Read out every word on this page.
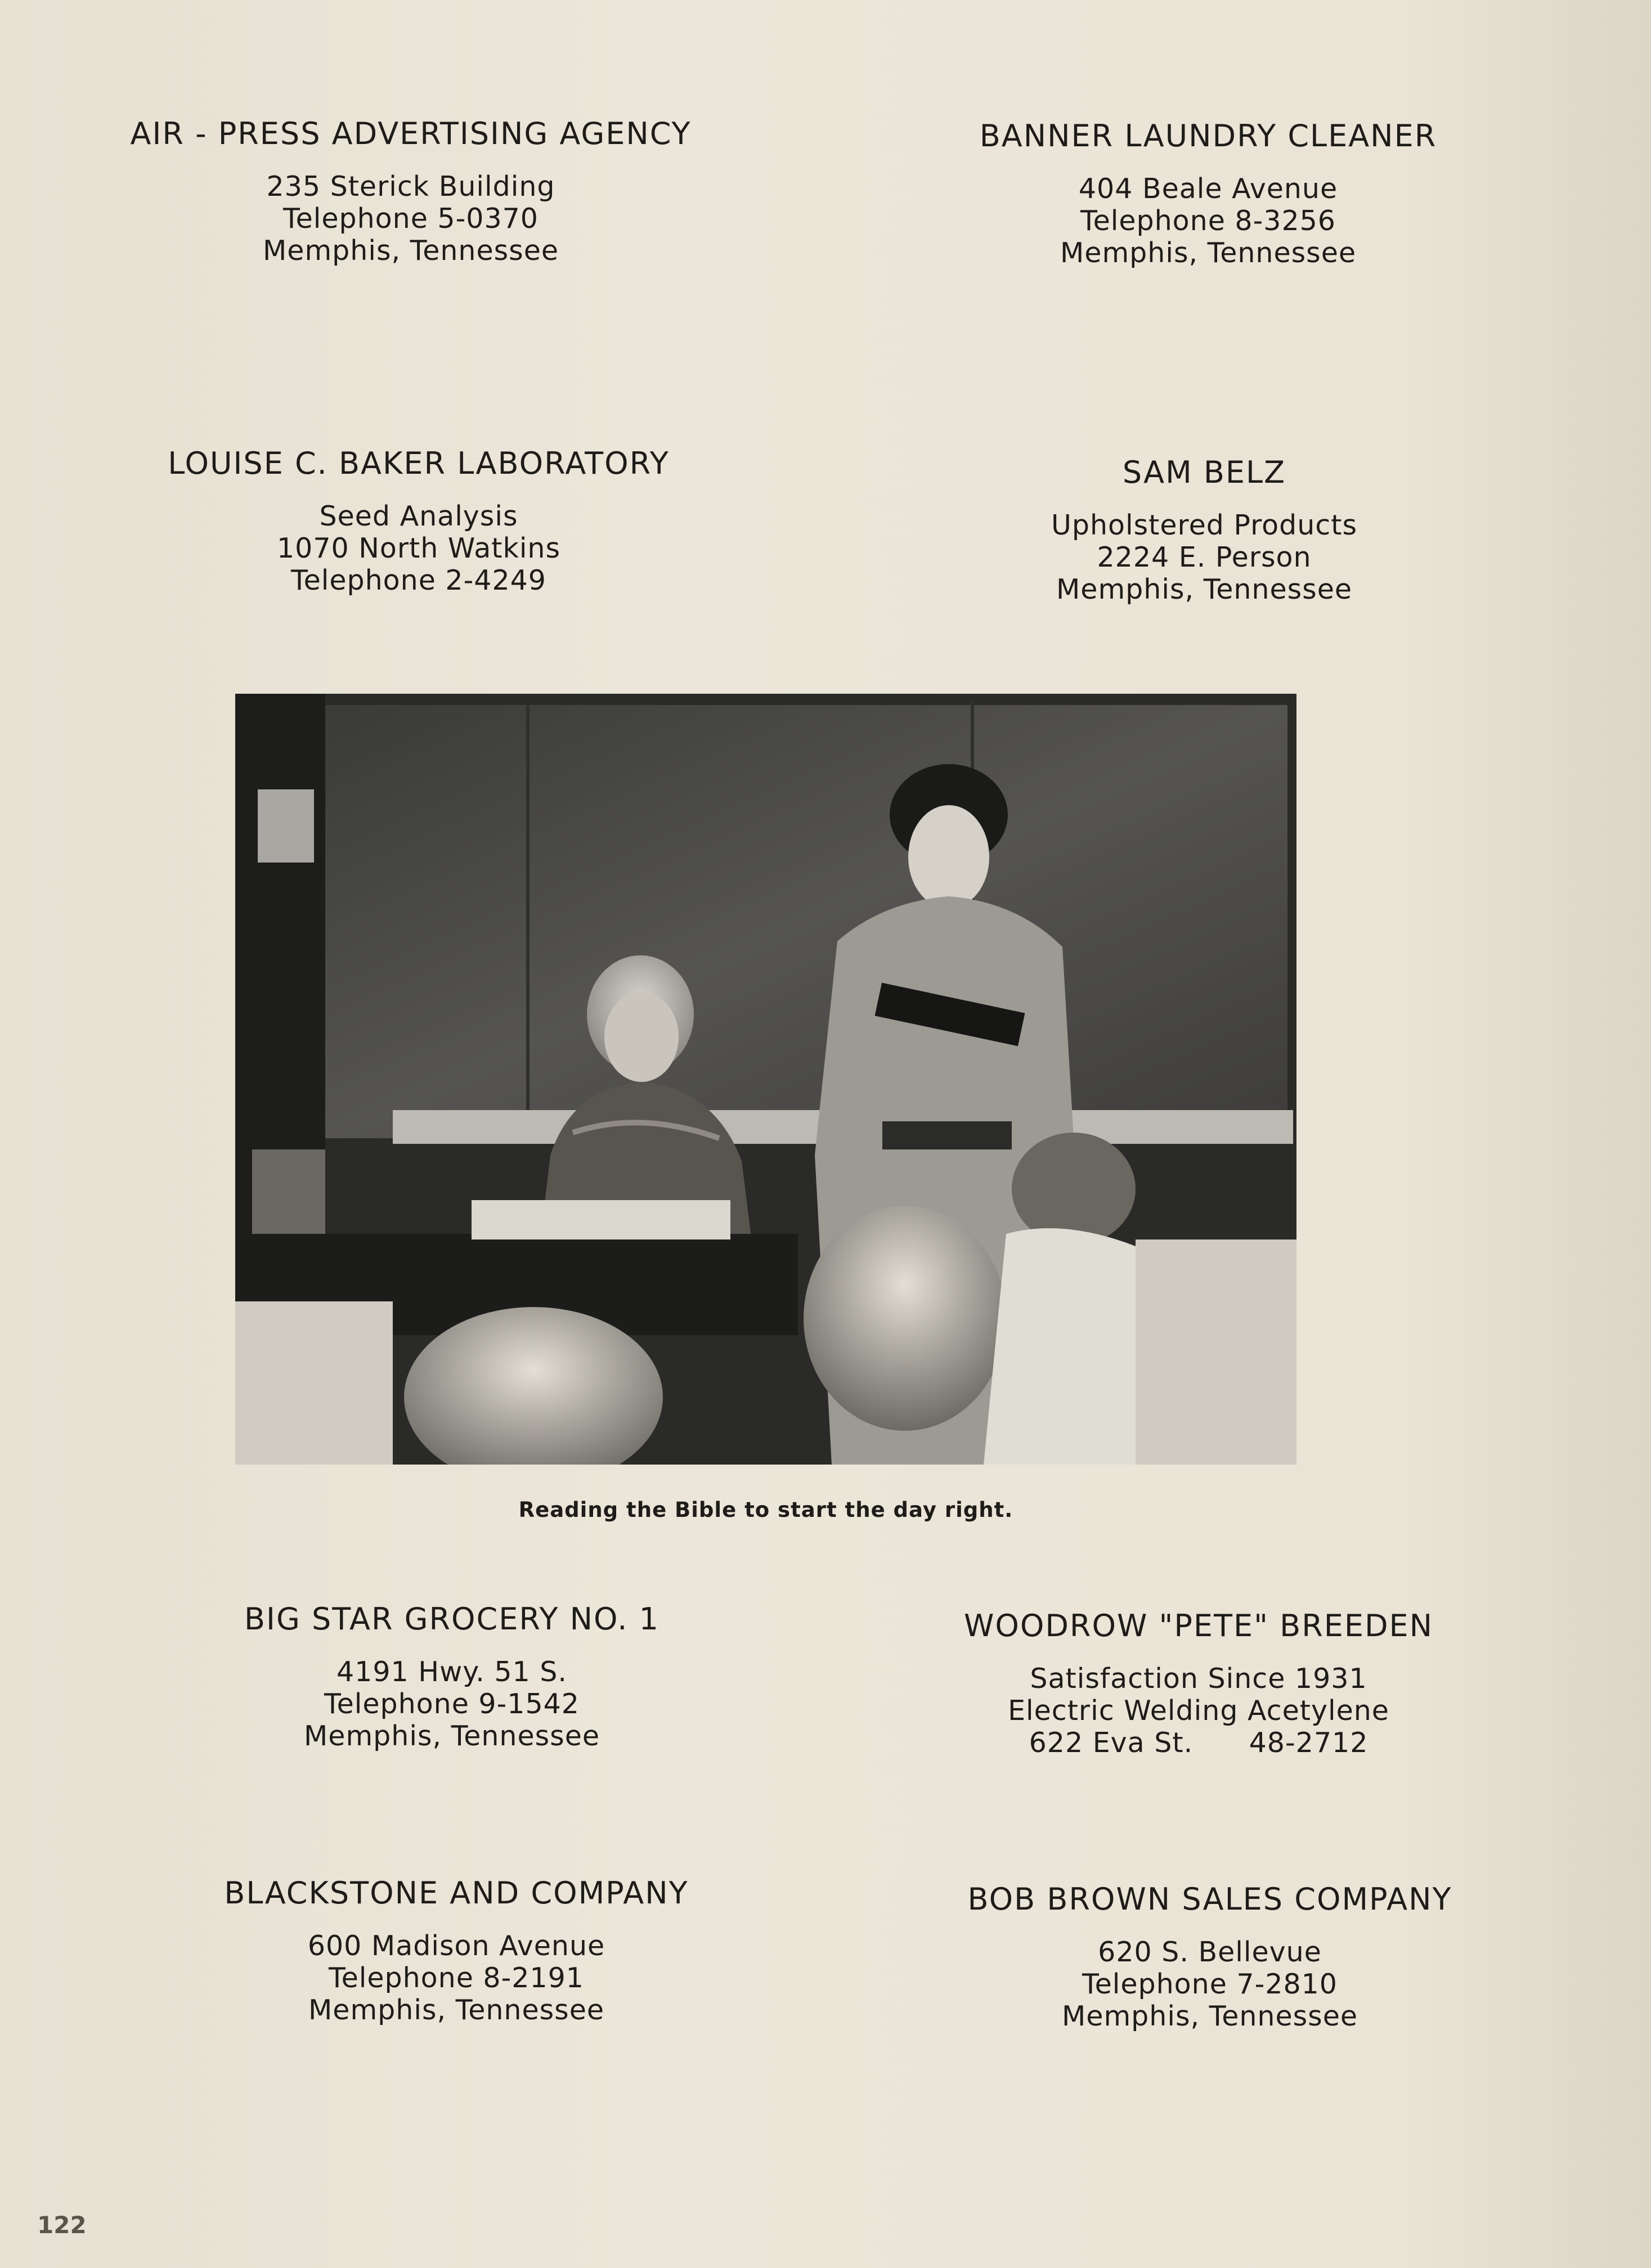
AIR - PRESS ADVERTISING AGENCY
235 Sterick Building
Telephone 5-0370
Memphis, Tennessee
BANNER LAUNDRY CLEANER
404 Beale Avenue
Telephone 8-3256
Memphis, Tennessee
LOUISE C. BAKER LABORATORY
Seed Analysis
1070 North Watkins
Telephone 2-4249
SAM BELZ
Upholstered Products
2224 E. Person
Memphis, Tennessee
Reading the Bible to start the day right.
BIG STAR GROCERY NO. 1
4191 Hwy. 51 S.
Telephone 9-1542
Memphis, Tennessee
WOODROW "PETE" BREEDEN
Satisfaction Since 1931
Electric Welding Acetylene
622 Eva St.      48-2712
BLACKSTONE AND COMPANY
600 Madison Avenue
Telephone 8-2191
Memphis, Tennessee
BOB BROWN SALES COMPANY
620 S. Bellevue
Telephone 7-2810
Memphis, Tennessee
122
